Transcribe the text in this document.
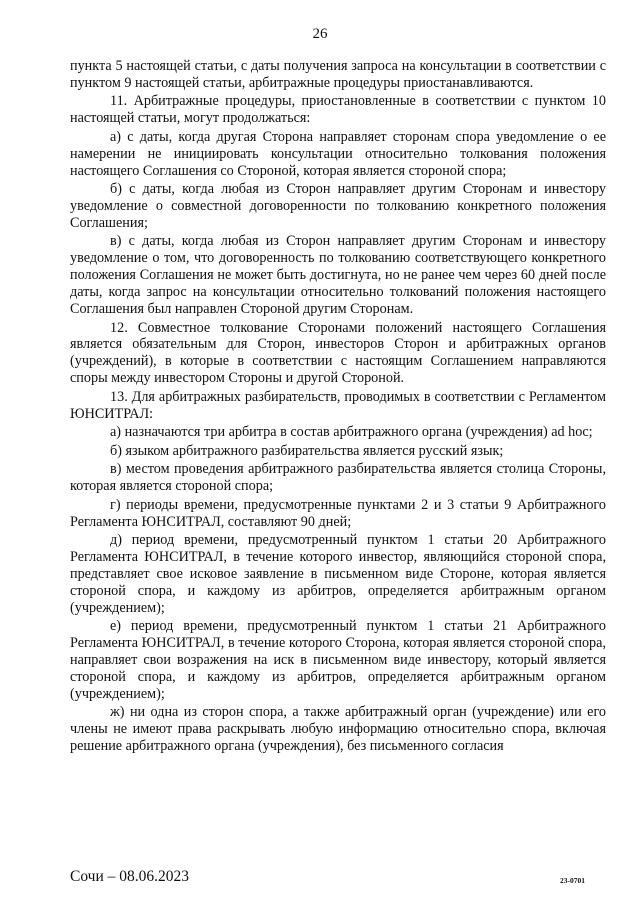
26

пункта 5 настоящей статьи, с даты получения запроса на консультации в соответствии с пунктом 9 настоящей статьи, арбитражные процедуры приостанавливаются.

11. Арбитражные процедуры, приостановленные в соответствии с пунктом 10 настоящей статьи, могут продолжаться:

а) с даты, когда другая Сторона направляет сторонам спора уведомление о ее намерении не инициировать консультации относительно толкования положения настоящего Соглашения со Стороной, которая является стороной спора;

б) с даты, когда любая из Сторон направляет другим Сторонам и инвестору уведомление о совместной договоренности по толкованию конкретного положения Соглашения;

в) с даты, когда любая из Сторон направляет другим Сторонам и инвестору уведомление о том, что договоренность по толкованию соответствующего конкретного положения Соглашения не может быть достигнута, но не ранее чем через 60 дней после даты, когда запрос на консультации относительно толкований положения настоящего Соглашения был направлен Стороной другим Сторонам.

12. Совместное толкование Сторонами положений настоящего Соглашения является обязательным для Сторон, инвесторов Сторон и арбитражных органов (учреждений), в которые в соответствии с настоящим Соглашением направляются споры между инвестором Стороны и другой Стороной.

13. Для арбитражных разбирательств, проводимых в соответствии с Регламентом ЮНСИТРАЛ:

а) назначаются три арбитра в состав арбитражного органа (учреждения) ad hoc;

б) языком арбитражного разбирательства является русский язык;

в) местом проведения арбитражного разбирательства является столица Стороны, которая является стороной спора;

г) периоды времени, предусмотренные пунктами 2 и 3 статьи 9 Арбитражного Регламента ЮНСИТРАЛ, составляют 90 дней;

д) период времени, предусмотренный пунктом 1 статьи 20 Арбитражного Регламента ЮНСИТРАЛ, в течение которого инвестор, являющийся стороной спора, представляет свое исковое заявление в письменном виде Стороне, которая является стороной спора, и каждому из арбитров, определяется арбитражным органом (учреждением);

е) период времени, предусмотренный пунктом 1 статьи 21 Арбитражного Регламента ЮНСИТРАЛ, в течение которого Сторона, которая является стороной спора, направляет свои возражения на иск в письменном виде инвестору, который является стороной спора, и каждому из арбитров, определяется арбитражным органом (учреждением);

ж) ни одна из сторон спора, а также арбитражный орган (учреждение) или его члены не имеют права раскрывать любую информацию относительно спора, включая решение арбитражного органа (учреждения), без письменного согласия

Сочи – 08.06.2023	23-0701
